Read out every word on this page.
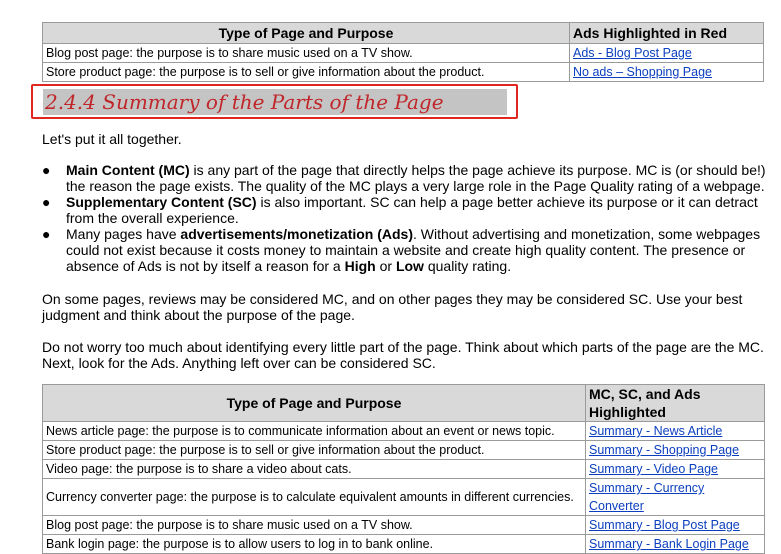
Type of Page and Purpose	Ads Highlighted in Red
Blog post page: the purpose is to share music used on a TV show.	Ads - Blog Post Page
Store product page: the purpose is to sell or give information about the product.	No ads – Shopping Page
2.4.4 Summary of the Parts of the Page

Let's put it all together.

● Main Content (MC) is any part of the page that directly helps the page achieve its purpose. MC is (or should be!) the reason the page exists. The quality of the MC plays a very large role in the Page Quality rating of a webpage.
● Supplementary Content (SC) is also important. SC can help a page better achieve its purpose or it can detract from the overall experience.
● Many pages have advertisements/monetization (Ads). Without advertising and monetization, some webpages could not exist because it costs money to maintain a website and create high quality content. The presence or absence of Ads is not by itself a reason for a High or Low quality rating.

On some pages, reviews may be considered MC, and on other pages they may be considered SC. Use your best judgment and think about the purpose of the page.

Do not worry too much about identifying every little part of the page. Think about which parts of the page are the MC. Next, look for the Ads. Anything left over can be considered SC.

Type of Page and Purpose	MC, SC, and Ads Highlighted
News article page: the purpose is to communicate information about an event or news topic.	Summary - News Article
Store product page: the purpose is to sell or give information about the product.	Summary - Shopping Page
Video page: the purpose is to share a video about cats.	Summary - Video Page
Currency converter page: the purpose is to calculate equivalent amounts in different currencies.	Summary - Currency Converter
Blog post page: the purpose is to share music used on a TV show.	Summary - Blog Post Page
Bank login page: the purpose is to allow users to log in to bank online.	Summary - Bank Login Page
